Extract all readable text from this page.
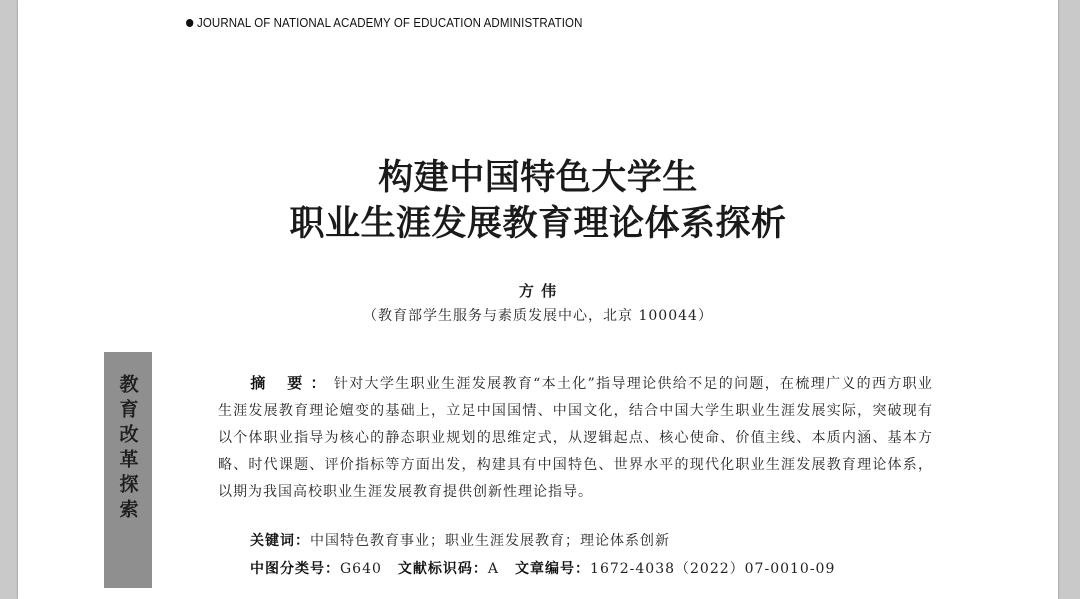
JOURNAL OF NATIONAL ACADEMY OF EDUCATION ADMINISTRATION
构建中国特色大学生
职业生涯发展教育理论体系探析
方 伟
（教育部学生服务与素质发展中心，北京 100044）
教育改革探索	摘 要：针对大学生职业生涯发展教育“本土化”指导理论供给不足的问题，在梳理广义的西方职业生涯发展教育理论嬗变的基础上，立足中国国情、中国文化，结合中国大学生职业生涯发展实际，突破现有以个体职业指导为核心的静态职业规划的思维定式，从逻辑起点、核心使命、价值主线、本质内涵、基本方略、时代课题、评价指标等方面出发，构建具有中国特色、世界水平的现代化职业生涯发展教育理论体系，以期为我国高校职业生涯发展教育提供创新性理论指导。
关键词：中国特色教育事业；职业生涯发展教育；理论体系创新
中图分类号：G640 文献标识码：A 文章编号：1672-4038（2022）07-0010-09
